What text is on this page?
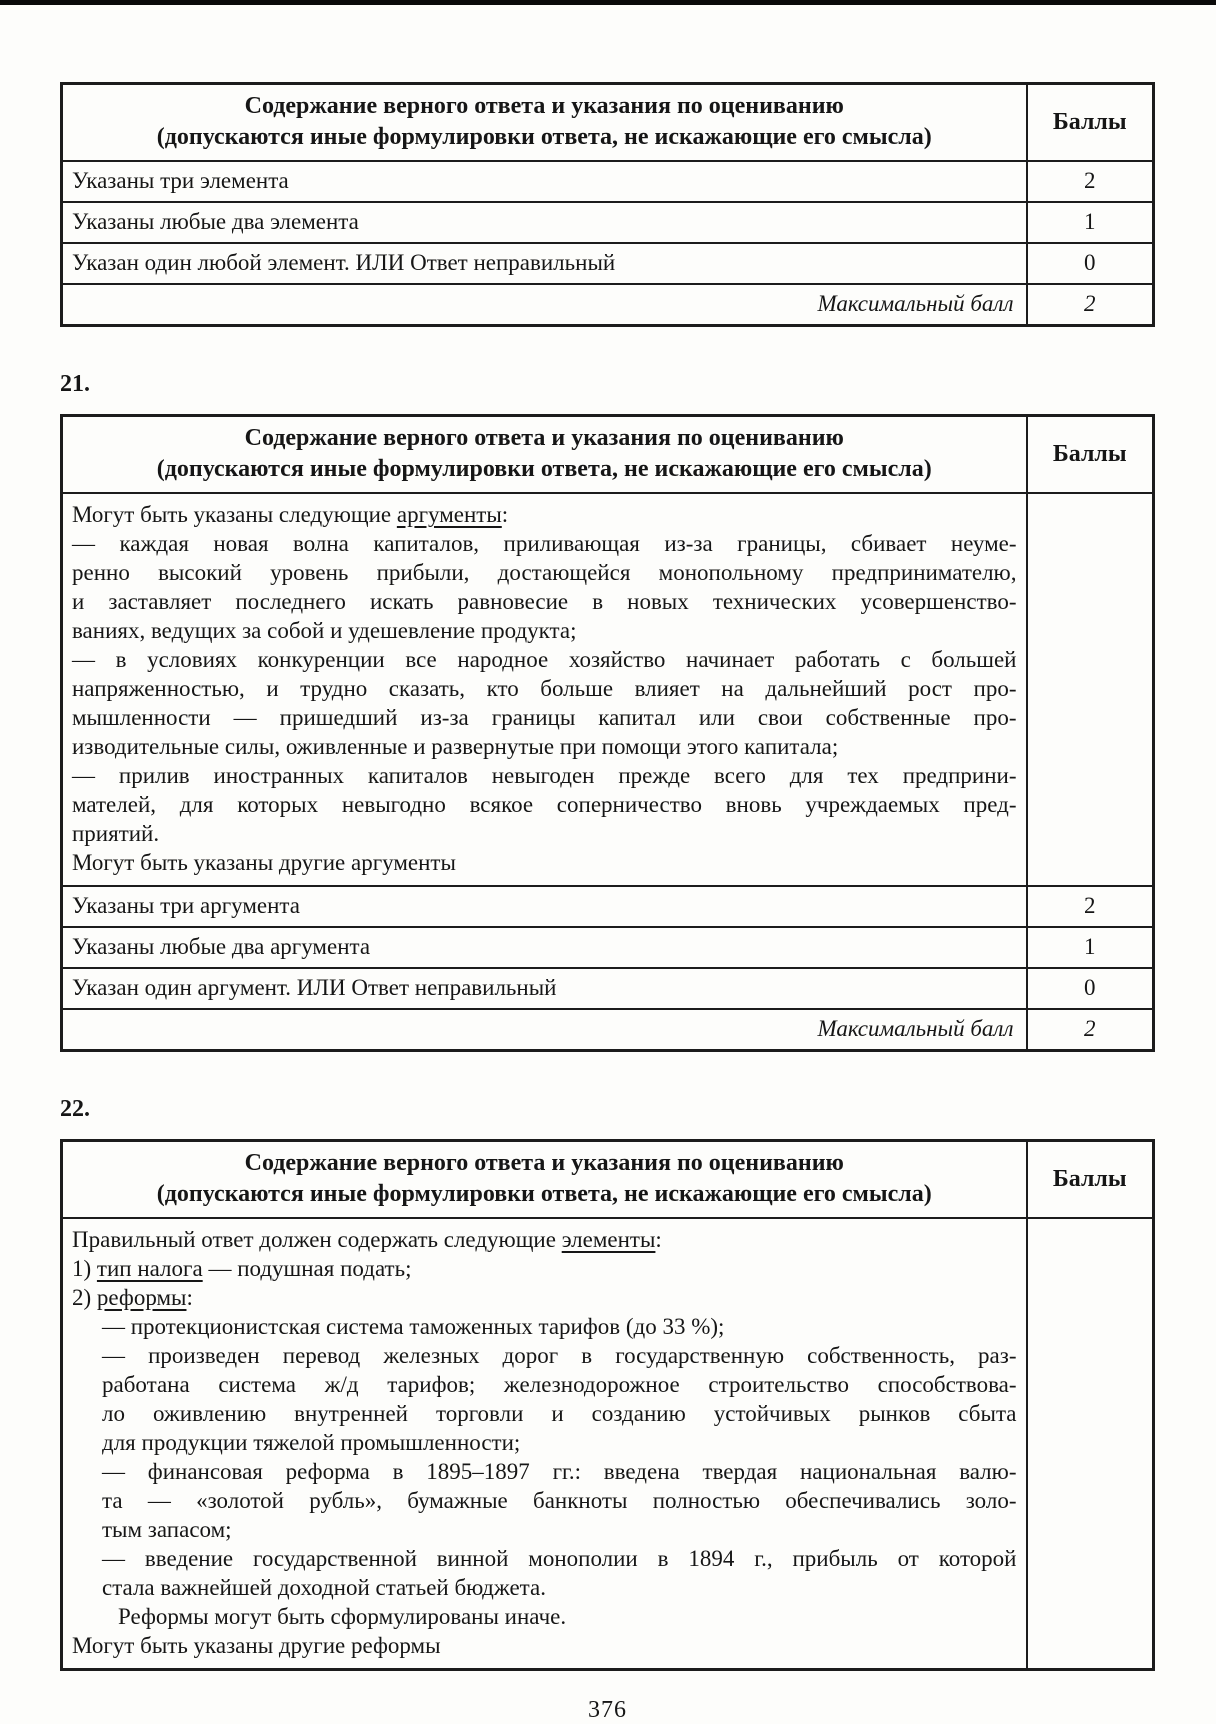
Содержание верного ответа и указания по оцениванию
(допускаются иные формулировки ответа, не искажающие его смысла)	Баллы
Указаны три элемента	2
Указаны любые два элемента	1
Указан один любой элемент. ИЛИ Ответ неправильный	0
Максимальный балл	2
21.
Содержание верного ответа и указания по оцениванию
(допускаются иные формулировки ответа, не искажающие его смысла)	Баллы

Могут быть указаны следующие аргументы:
— каждая новая волна капиталов, приливающая из-за границы, сбивает неуме-
ренно высокий уровень прибыли, достающейся монопольному предпринимателю,
и заставляет последнего искать равновесие в новых технических усовершенство-
ваниях, ведущих за собой и удешевление продукта;
— в условиях конкуренции все народное хозяйство начинает работать с большей
напряженностью, и трудно сказать, кто больше влияет на дальнейший рост про-
мышленности — пришедший из-за границы капитал или свои собственные про-
изводительные силы, оживленные и развернутые при помощи этого капитала;
— прилив иностранных капиталов невыгоден прежде всего для тех предприни-
мателей, для которых невыгодно всякое соперничество вновь учреждаемых пред-
приятий.
Могут быть указаны другие аргументы

Указаны три аргумента	2
Указаны любые два аргумента	1
Указан один аргумент. ИЛИ Ответ неправильный	0
Максимальный балл	2
22.
Содержание верного ответа и указания по оцениванию
(допускаются иные формулировки ответа, не искажающие его смысла)	Баллы

Правильный ответ должен содержать следующие элементы:
1) тип налога — подушная подать;
2) реформы:
— протекционистская система таможенных тарифов (до 33 %);
— произведен перевод железных дорог в государственную собственность, раз-
работана система ж/д тарифов; железнодорожное строительство способствова-
ло оживлению внутренней торговли и созданию устойчивых рынков сбыта
для продукции тяжелой промышленности;
— финансовая реформа в 1895–1897 гг.: введена твердая национальная валю-
та — «золотой рубль», бумажные банкноты полностью обеспечивались золо-
тым запасом;
— введение государственной винной монополии в 1894 г., прибыль от которой
стала важнейшей доходной статьей бюджета.
Реформы могут быть сформулированы иначе.
Могут быть указаны другие реформы

376
